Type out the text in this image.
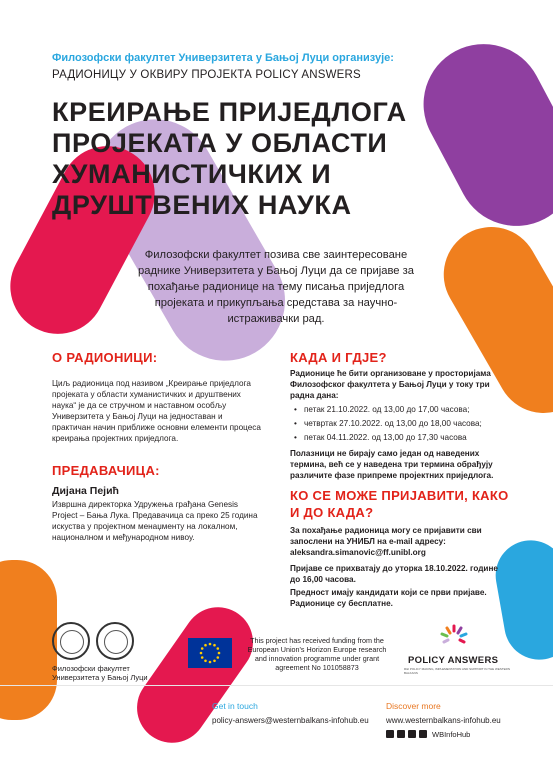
Филозофски факултет Универзитета у Бањој Луци организује:
РАДИОНИЦУ У ОКВИРУ ПРОЈЕКТА POLICY ANSWERS
КРЕИРАЊЕ ПРИЈЕДЛОГА
ПРОЈЕКАТА У ОБЛАСТИ
ХУМАНИСТИЧКИХ И
ДРУШТВЕНИХ НАУКА
Филозофски факултет позива све заинтересоване раднике Универзитета у Бањој Луци да се пријаве за похађање радионице на тему писања приједлога пројеката и прикупљања средстава за научно-истраживачки рад.
О РАДИОНИЦИ:
Циљ радионица под називом „Креирање приједлога пројеката у области хуманистичких и друштвених наука“ је да се стручном и наставном особљу Универзитета у Бањој Луци на једноставан и практичан начин приближе основни елементи процеса креирања пројектних приједлога.
ПРЕДАВАЧИЦА:
Дијана Пејић
Извршна директорка Удружења грађана Genesis Project – Бања Лука. Предавачица са преко 25 година искуства у пројектном менаџменту на локалном, националном и међународном нивоу.
КАДА И ГДЈЕ?
Радионице ће бити организоване у просторијама Филозофског факултета у Бањој Луци у току три радна дана:
• петак 21.10.2022. од 13,00 до 17,00 часова;
• четвртак 27.10.2022. од 13,00 до 18,00 часова;
• петак 04.11.2022. од 13,00 до 17,30 часова
Полазници не бирају само један од наведених термина, већ се у наведена три термина обрађују различите фазе припреме пројектних приједлога.
КО СЕ МОЖЕ ПРИЈАВИТИ, КАКО
И ДО КАДА?
За похађање радионица могу се пријавити сви запослени на УНИБЛ на e-mail адресу:
aleksandra.simanovic@ff.unibl.org
Пријаве се прихватају до уторка 18.10.2022. године до 16,00 часова.
Предност имају кандидати који се први пријаве.
Радионице су бесплатне.
Филозофски факултет
Универзитета у Бањој Луци
This project has received funding from the European Union's Horizon Europe research and innovation programme under grant agreement No 101058873
POLICY ANSWERS
R&I POLICY MAKING, IMPLEMENTATION AND SUPPORT IN THE WESTERN BALKANS
Get in touch
policy-answers@westernbalkans-infohub.eu
Discover more
www.westernbalkans-infohub.eu
WBInfoHub
